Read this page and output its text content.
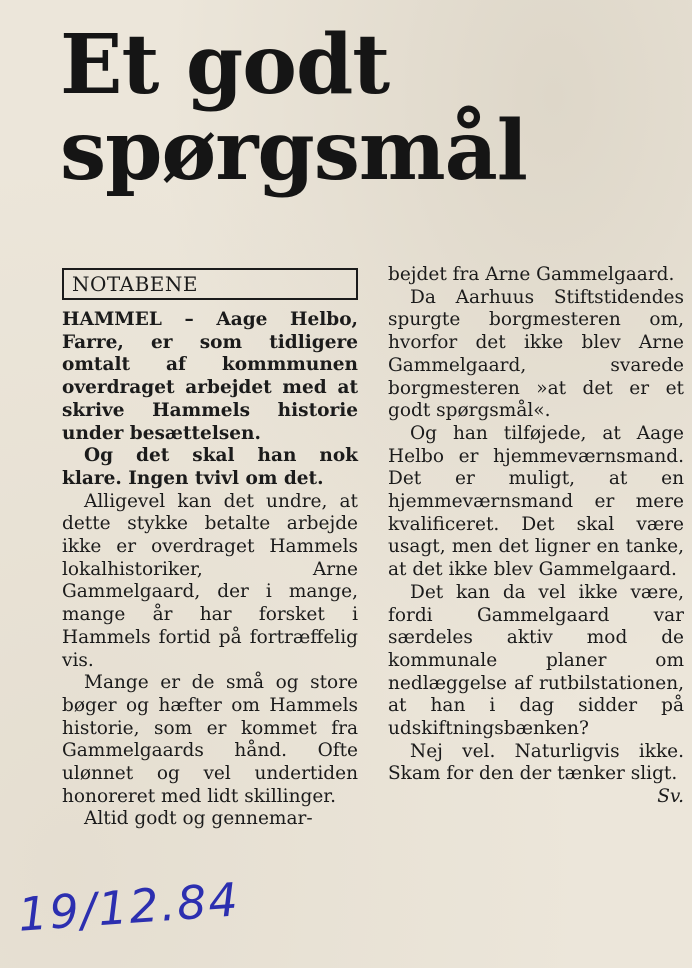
Et godt
spørgsmål
NOTABENE

HAMMEL – Aage Helbo, Farre, er som tidligere omtalt af kommmunen overdraget arbejdet med at skrive Hammels historie under besættelsen.

Og det skal han nok klare. Ingen tvivl om det.

Alligevel kan det undre, at dette stykke betalte arbejde ikke er overdraget Hammels lokalhistoriker, Arne Gammelgaard, der i mange, mange år har forsket i Hammels fortid på fortræffelig vis.

Mange er de små og store bøger og hæfter om Hammels historie, som er kommet fra Gammelgaards hånd. Ofte ulønnet og vel undertiden honoreret med lidt skillinger.

Altid godt og gennemar-

bejdet fra Arne Gammelgaard.

Da Aarhuus Stiftstidendes spurgte borgmesteren om, hvorfor det ikke blev Arne Gammelgaard, svarede borgmesteren »at det er et godt spørgsmål«.

Og han tilføjede, at Aage Helbo er hjemmeværnsmand. Det er muligt, at en hjemmeværnsmand er mere kvalificeret. Det skal være usagt, men det ligner en tanke, at det ikke blev Gammelgaard.

Det kan da vel ikke være, fordi Gammelgaard var særdeles aktiv mod de kommunale planer om nedlæggelse af rutbilstationen, at han i dag sidder på udskiftningsbænken?

Nej vel. Naturligvis ikke. Skam for den der tænker sligt.
Sv.

19/12.84
